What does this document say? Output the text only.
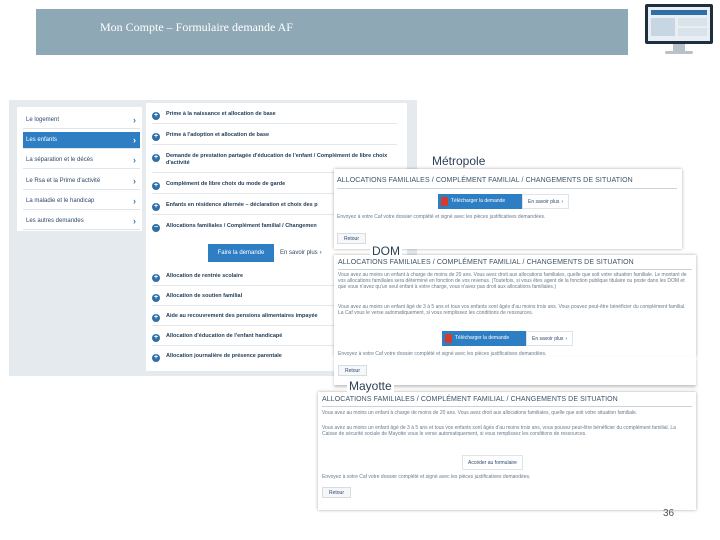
Mon Compte – Formulaire demande AF
Le logement	›
Les enfants	›
La séparation et le décès	›
Le Rsa et la Prime d'activité	›
La maladie et le handicap	›
Les autres demandes	›
+	Prime à la naissance et allocation de base
+	Prime à l'adoption et allocation de base
+	Demande de prestation partagée d'éducation de l'enfant / Complément de libre choix d'activité
+	Complément de libre choix du mode de garde
+	Enfants en résidence alternée – déclaration et choix des p
−	Allocations familiales / Complément familial / Changemen
Faire la demande	En savoir plus ›
+	Allocation de rentrée scolaire
+	Allocation de soutien familial
+	Aide au recouvrement des pensions alimentaires impayée
+	Allocation d'éducation de l'enfant handicapé
+	Allocation journalière de présence parentale
Métropole
ALLOCATIONS FAMILIALES / COMPLÉMENT FAMILIAL / CHANGEMENTS DE SITUATION
Télécharger la demande	En savoir plus ›
Envoyez à votre Caf votre dossier complété et signé avec les pièces justificatives demandées.
Retour
ALLOCATIONS FAMILIALES / COMPLÉMENT FAMILIAL / CHANGEMENTS DE SITUATION
Vous avez au moins un enfant à charge de moins de 20 ans. Vous avez droit aux allocations familiales, quelle que soit votre situation familiale. Le montant de vos allocations familiales sera déterminé en fonction de vos revenus. (Toutefois, si vous êtes agent de la fonction publique titulaire ou poste dans les DOM et que vous n'avez qu'un seul enfant à votre charge, vous n'avez pas droit aux allocations familiales.)
Vous avez au moins un enfant âgé de 3 à 5 ans et tous vos enfants sont âgés d'au moins trois ans. Vous pouvez peut-être bénéficier du complément familial. La Caf vous le verse automatiquement, si vous remplissez les conditions de ressources.
Télécharger la demande	En savoir plus ›
Envoyez à votre Caf votre dossier complété et signé avec les pièces justificatives demandées.
DOM
Retour
ALLOCATIONS FAMILIALES / COMPLÉMENT FAMILIAL / CHANGEMENTS DE SITUATION
Vous avez au moins un enfant à charge de moins de 20 ans. Vous avez droit aux allocations familiales, quelle que soit votre situation familiale.
Vous avez au moins un enfant âgé de 3 à 5 ans et tous vos enfants sont âgés d'au moins trois ans, vous pouvez peut-être bénéficier du complément familial. La Caisse de sécurité sociale de Mayotte vous le verse automatiquement, si vous remplissez les conditions de ressources.
Accéder au formulaire
Envoyez à votre Caf votre dossier complété et signé avec les pièces justificatives demandées.
Retour
Mayotte
36
